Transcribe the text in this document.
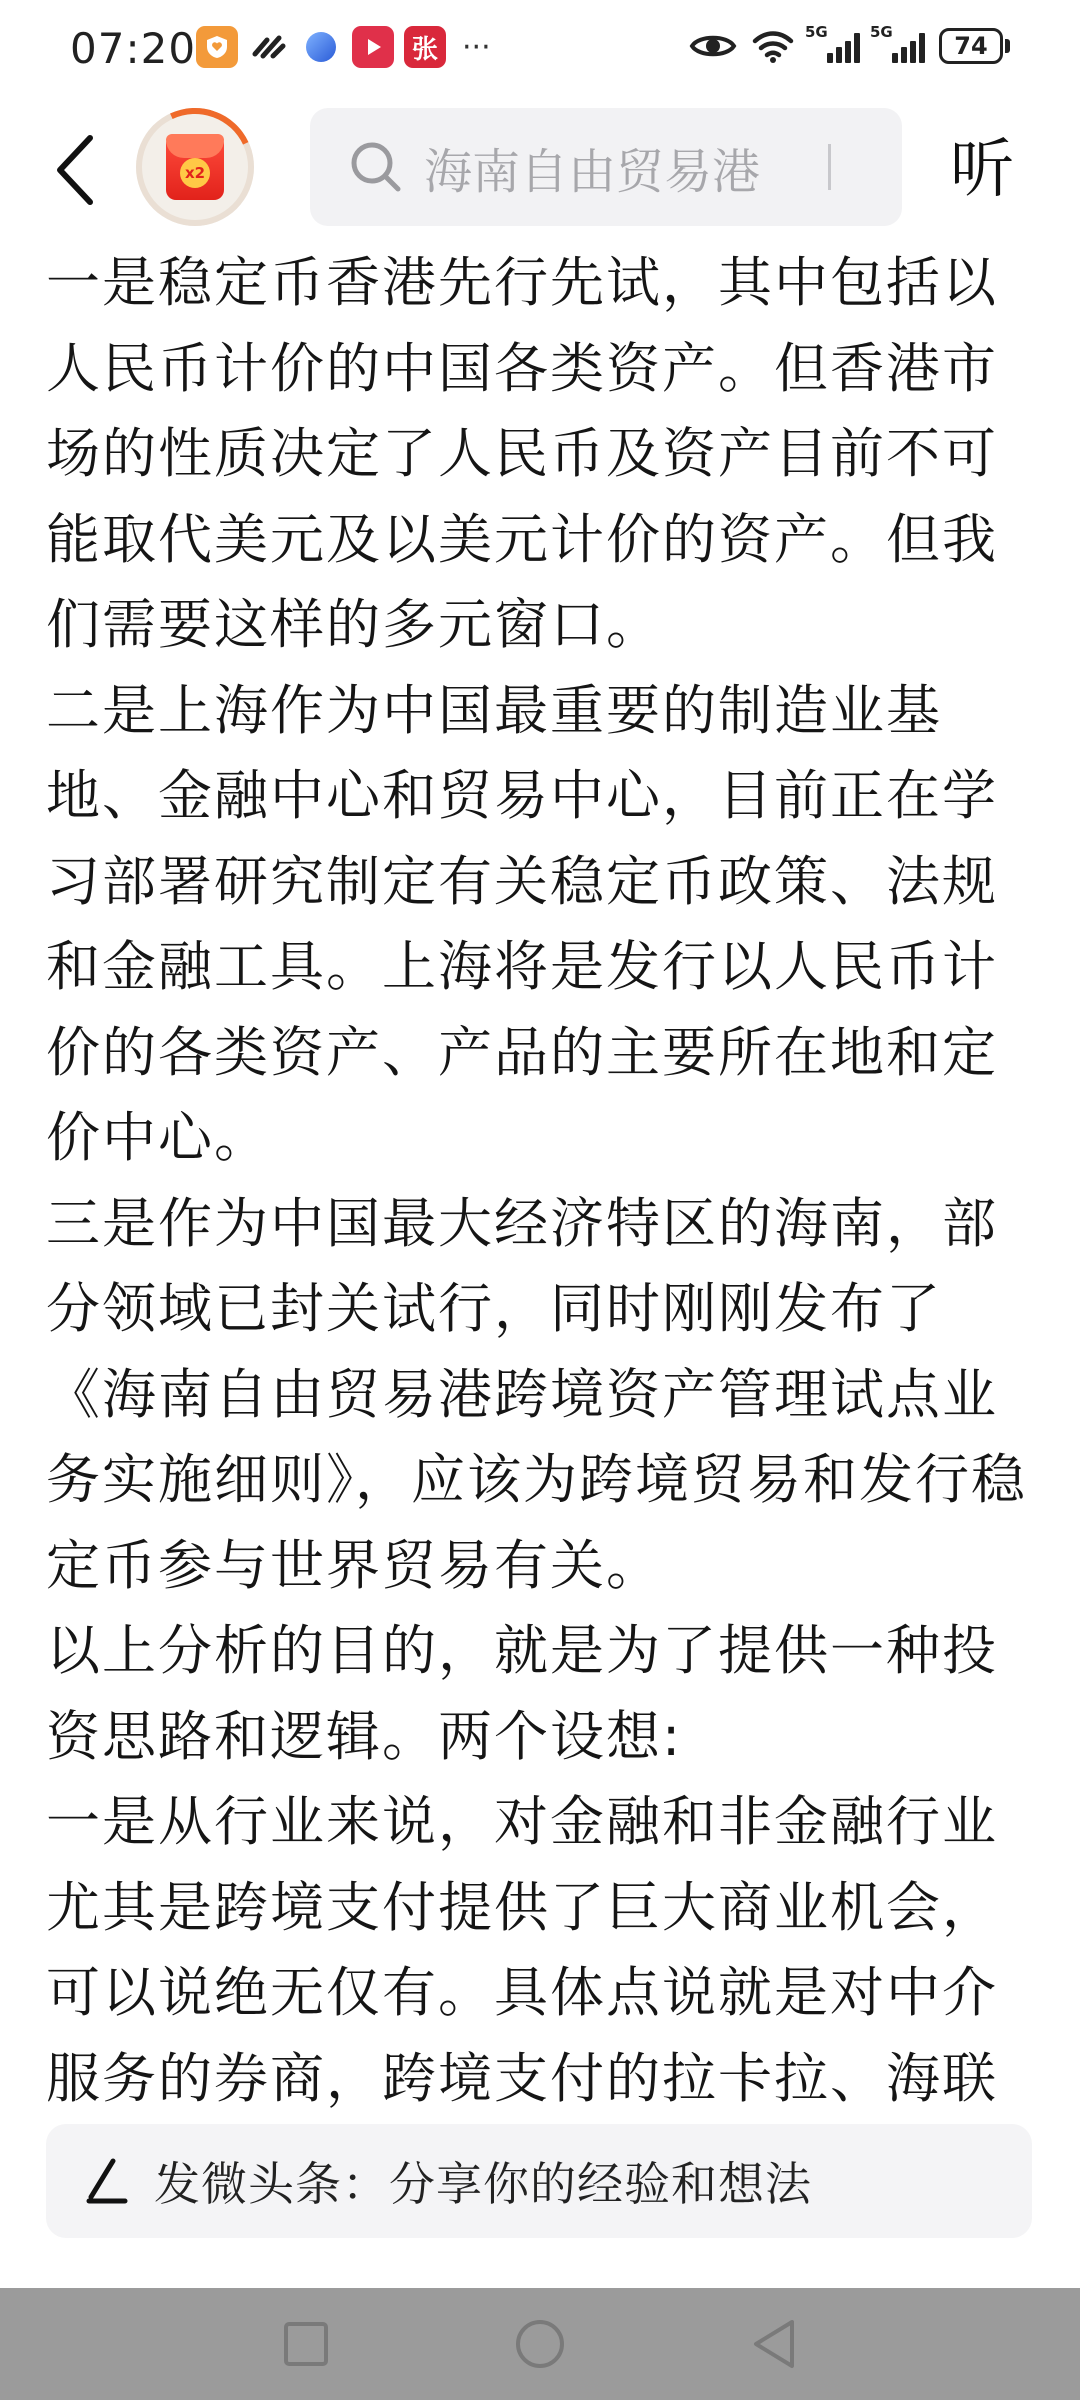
07:20	张 ···	5G	5G	74
x2	海南自由贸易港	听

一是稳定币香港先行先试，其中包括以人民币计价的中国各类资产。但香港市场的性质决定了人民币及资产目前不可能取代美元及以美元计价的资产。但我们需要这样的多元窗口。

二是上海作为中国最重要的制造业基地、金融中心和贸易中心，目前正在学习部署研究制定有关稳定币政策、法规和金融工具。上海将是发行以人民币计价的各类资产、产品的主要所在地和定价中心。

三是作为中国最大经济特区的海南，部分领域已封关试行，同时刚刚发布了《海南自由贸易港跨境资产管理试点业务实施细则》，应该为跨境贸易和发行稳定币参与世界贸易有关。

以上分析的目的，就是为了提供一种投资思路和逻辑。两个设想:

一是从行业来说，对金融和非金融行业尤其是跨境支付提供了巨大商业机会，可以说绝无仅有。具体点说就是对中介服务的券商，跨境支付的拉卡拉、海联

发微头条：分享你的经验和想法
